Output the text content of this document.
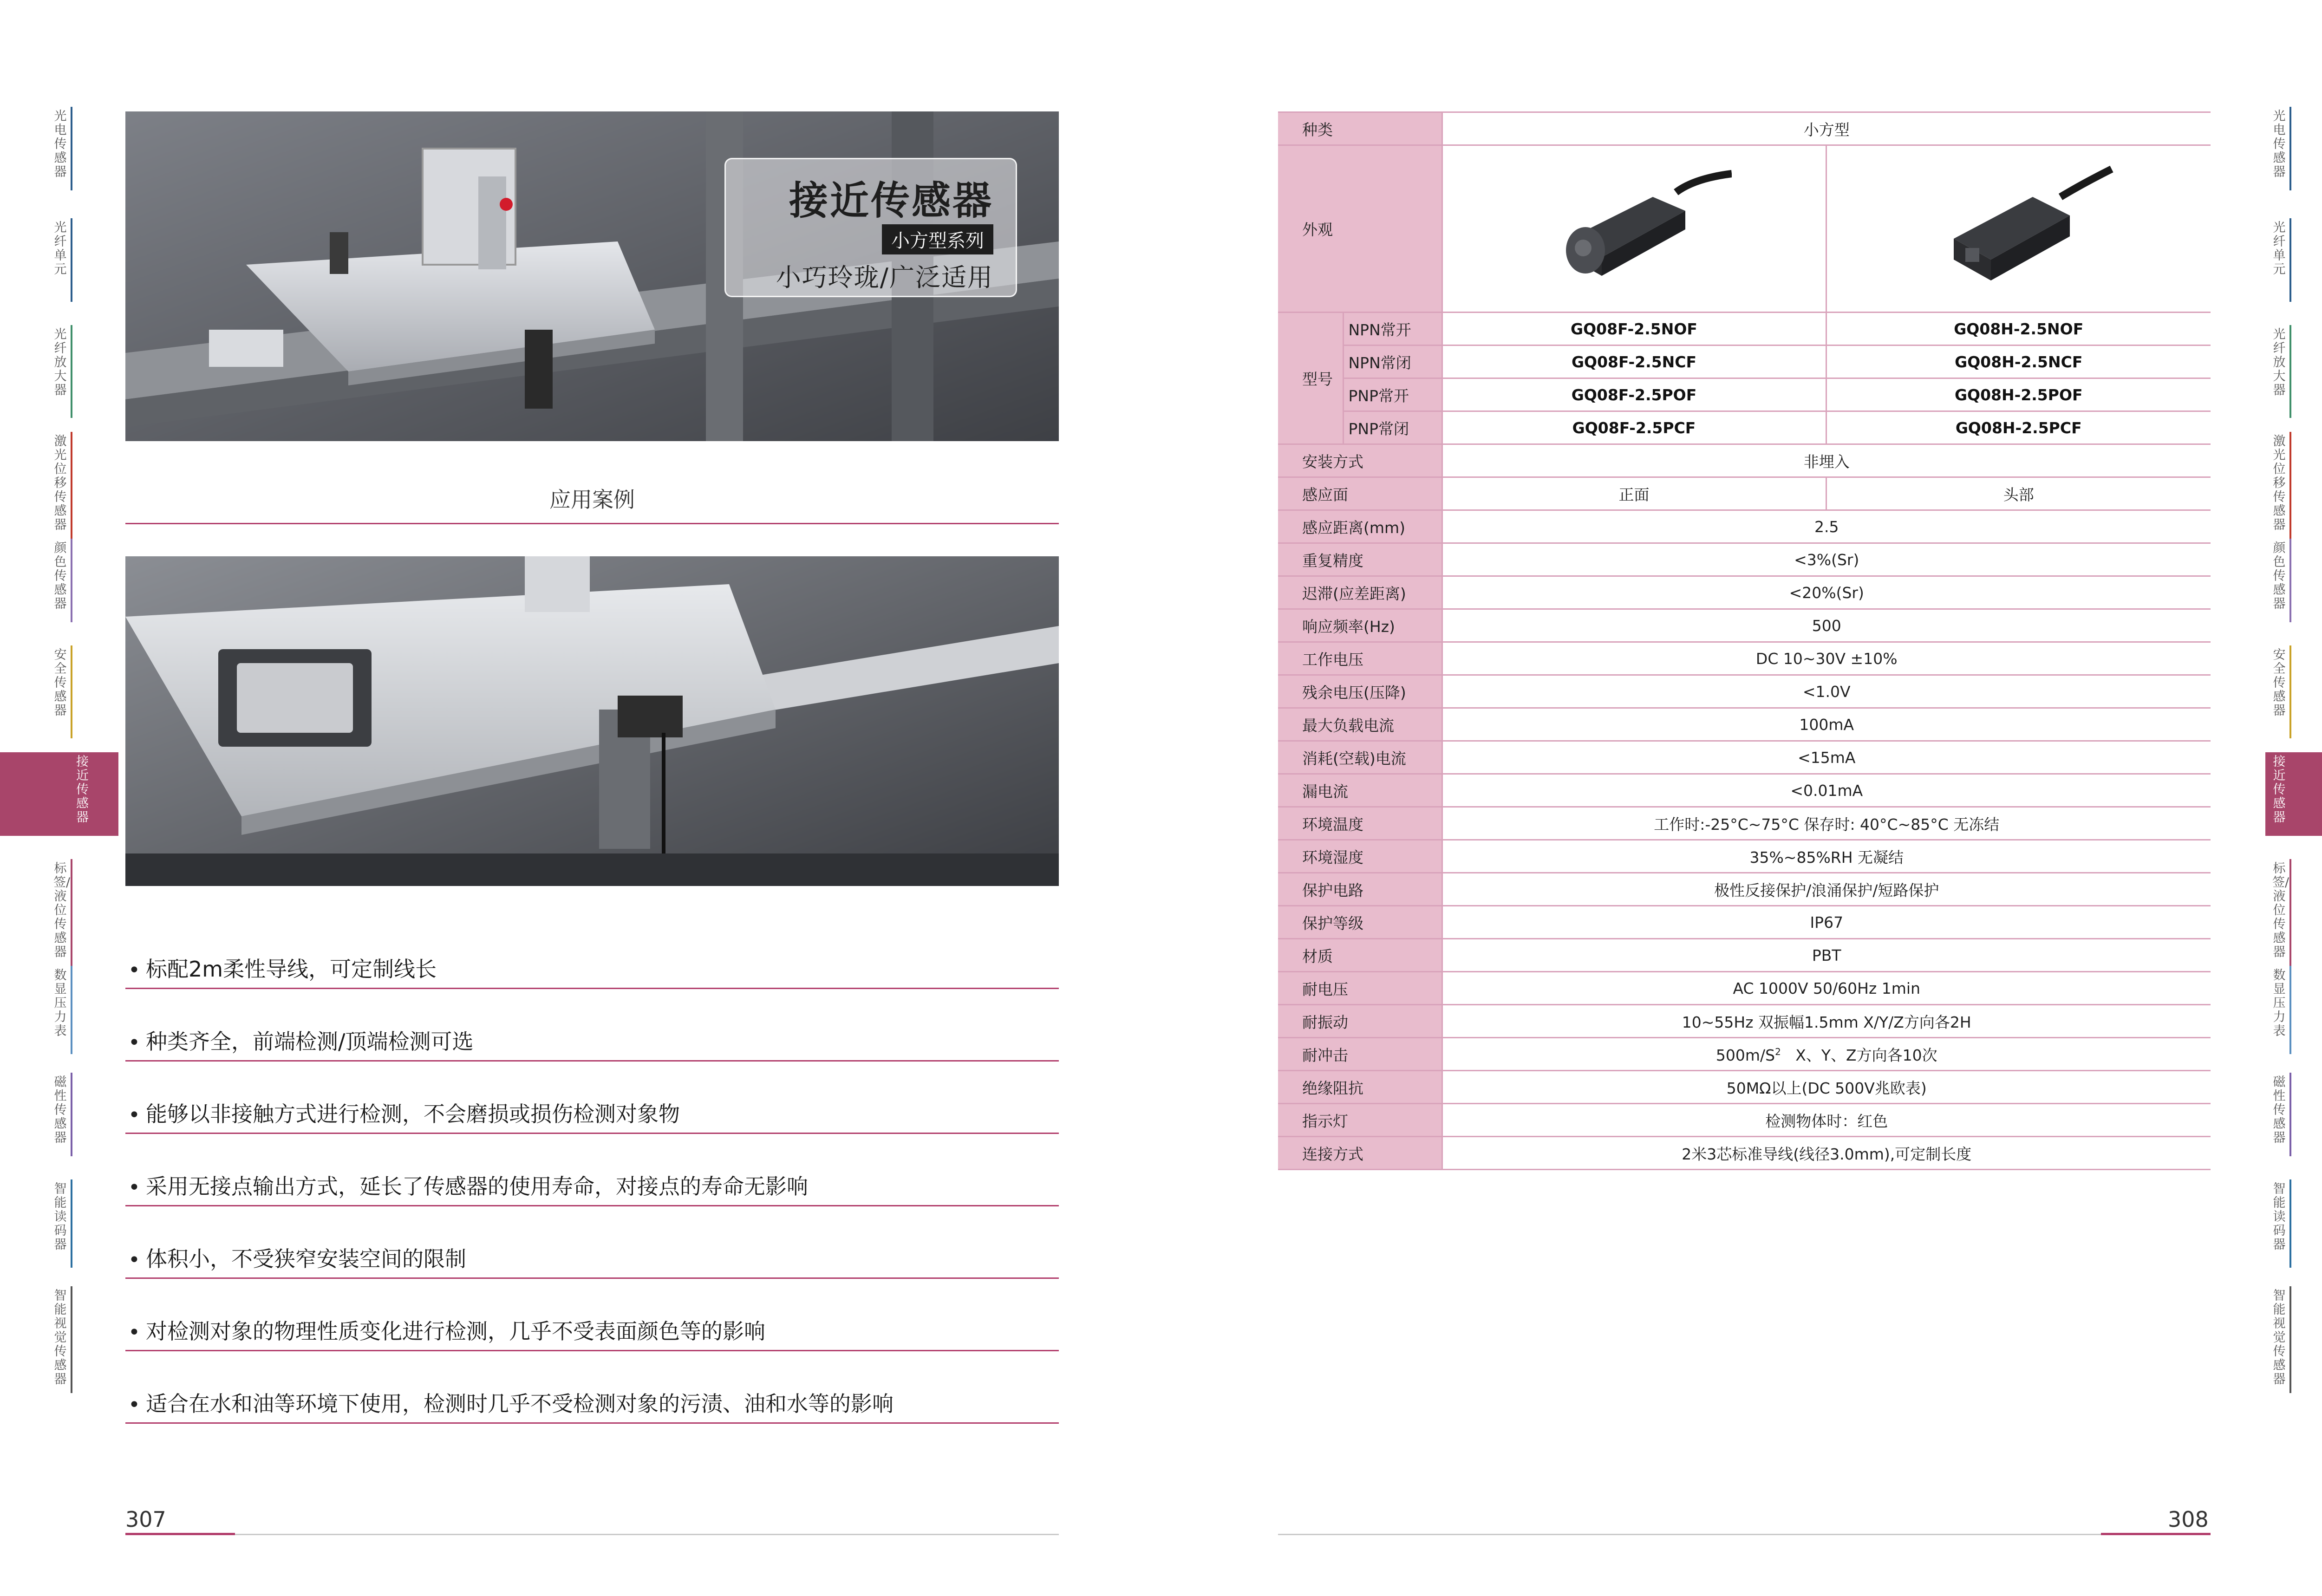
光电传感器
光纤单元
光纤放大器
激光位移传感器
颜色传感器
安全传感器
接近传感器
标签/液位传感器
数显压力表
磁性传感器
智能读码器
智能视觉传感器
光电传感器
光纤单元
光纤放大器
激光位移传感器
颜色传感器
安全传感器
接近传感器
标签/液位传感器
数显压力表
磁性传感器
智能读码器
智能视觉传感器
接近传感器
小方型系列
小巧玲珑/广泛适用
应用案例
• 标配2m柔性导线，可定制线长
• 种类齐全，前端检测/顶端检测可选
• 能够以非接触方式进行检测，不会磨损或损伤检测对象物
• 采用无接点输出方式，延长了传感器的使用寿命，对接点的寿命无影响
• 体积小，不受狭窄安装空间的限制
• 对检测对象的物理性质变化进行检测，几乎不受表面颜色等的影响
• 适合在水和油等环境下使用，检测时几乎不受检测对象的污渍、油和水等的影响
307
种类		小方型	
外观		
型号	NPN常开	GQ08F-2.5NOF	GQ08H-2.5NOF
	NPN常闭	GQ08F-2.5NCF	GQ08H-2.5NCF
	PNP常开	GQ08F-2.5POF	GQ08H-2.5POF
	PNP常闭	GQ08F-2.5PCF	GQ08H-2.5PCF
安装方式		非埋入	
感应面		正面	头部
感应距离(mm)		2.5	
重复精度		<3%(Sr)	
迟滞(应差距离)		<20%(Sr)	
响应频率(Hz)		500	
工作电压		DC 10~30V ±10%	
残余电压(压降)		<1.0V	
最大负载电流		100mA	
消耗(空载)电流		<15mA	
漏电流		<0.01mA	
环境温度		工作时:-25°C~75°C 保存时: 40°C~85°C 无冻结	
环境湿度		35%~85%RH 无凝结	
保护电路		极性反接保护/浪涌保护/短路保护	
保护等级		IP67	
材质		PBT	
耐电压		AC 1000V 50/60Hz 1min	
耐振动		10~55Hz 双振幅1.5mm X/Y/Z方向各2H	
耐冲击		$500m/S^2$   X、Y、Z方向各10次	
绝缘阻抗		50MΩ以上(DC 500V兆欧表)	
指示灯		检测物体时：红色	
连接方式		2米3芯标准导线(线径3.0mm),可定制长度	
308
